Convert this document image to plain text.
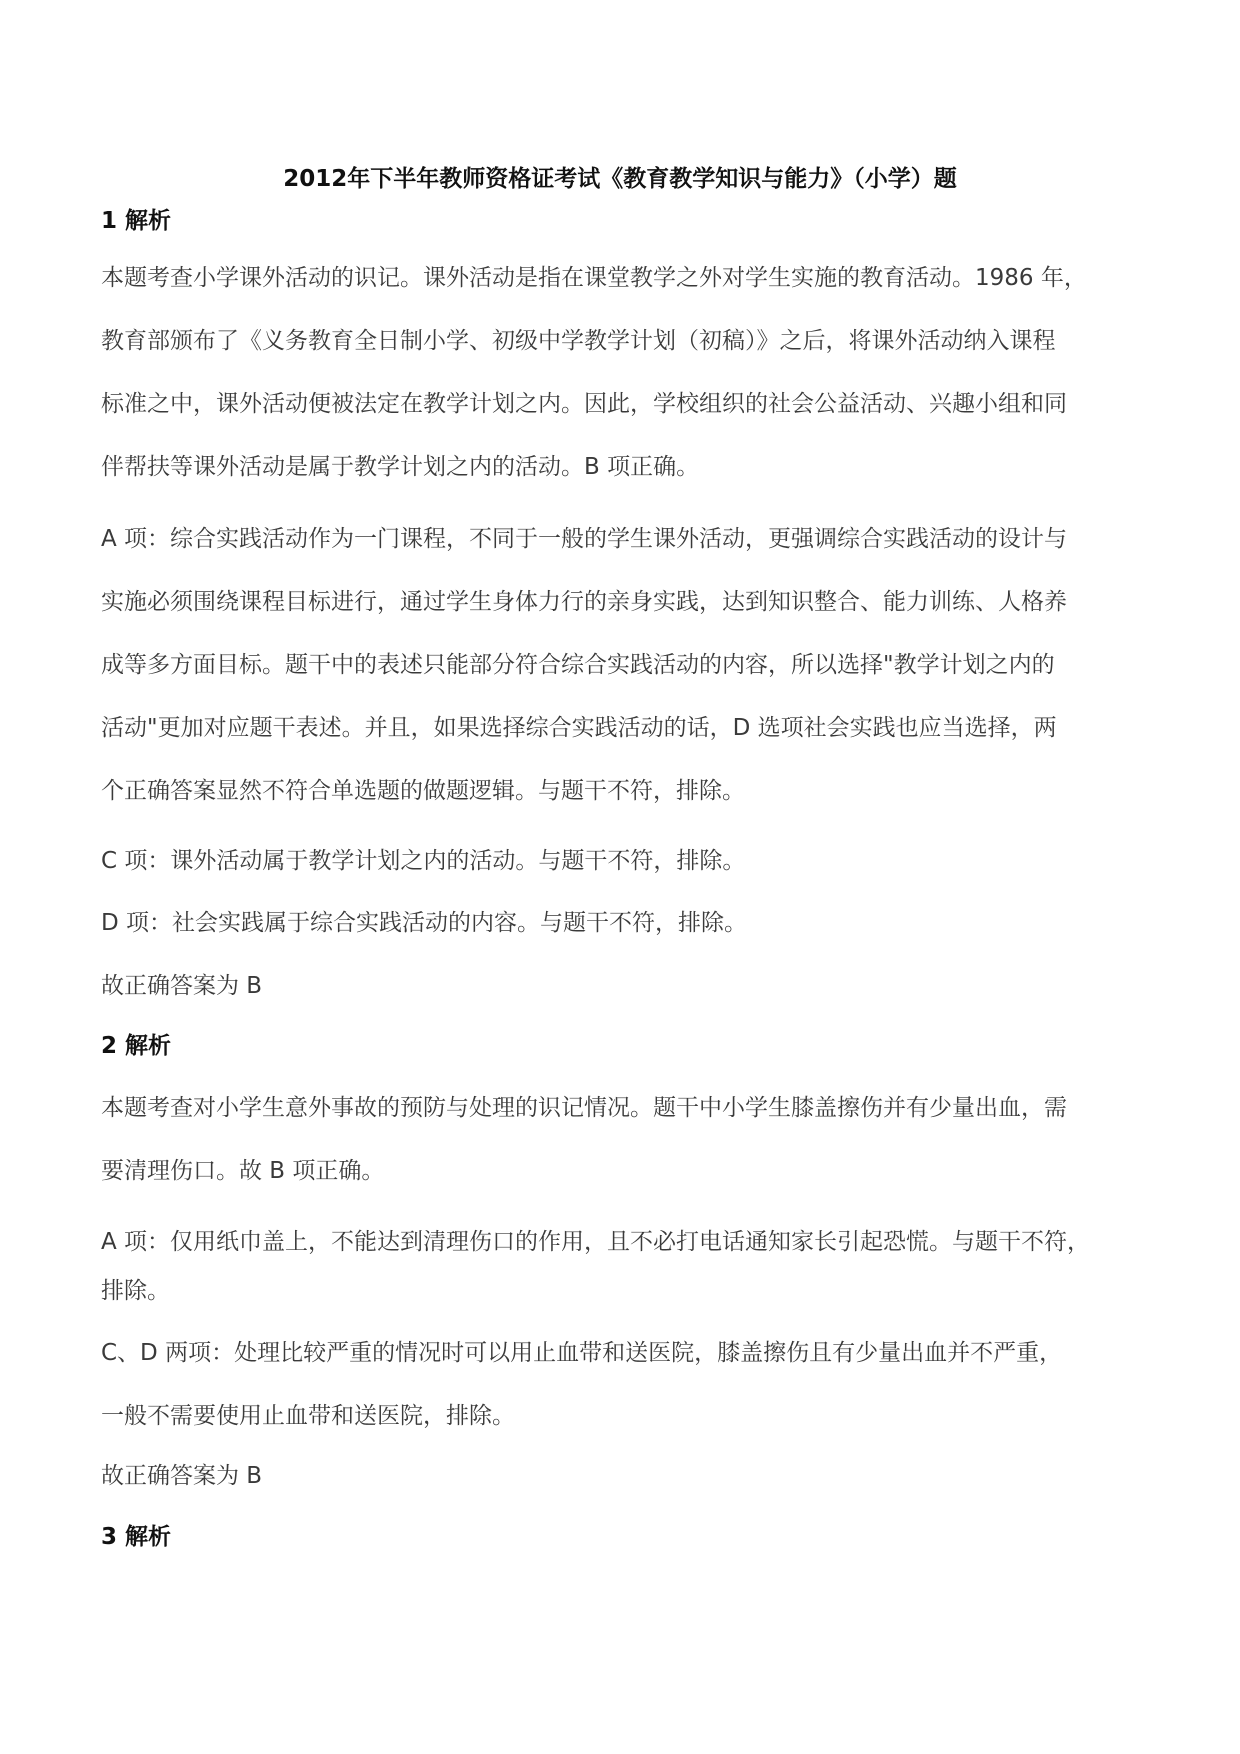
2012年下半年教师资格证考试《教育教学知识与能力》（小学）题
1 解析
本题考查小学课外活动的识记。课外活动是指在课堂教学之外对学生实施的教育活动。1986 年，
教育部颁布了《义务教育全日制小学、初级中学教学计划（初稿）》之后，将课外活动纳入课程
标准之中，课外活动便被法定在教学计划之内。因此，学校组织的社会公益活动、兴趣小组和同
伴帮扶等课外活动是属于教学计划之内的活动。B 项正确。
A 项：综合实践活动作为一门课程，不同于一般的学生课外活动，更强调综合实践活动的设计与
实施必须围绕课程目标进行，通过学生身体力行的亲身实践，达到知识整合、能力训练、人格养
成等多方面目标。题干中的表述只能部分符合综合实践活动的内容，所以选择"教学计划之内的
活动"更加对应题干表述。并且，如果选择综合实践活动的话，D 选项社会实践也应当选择，两
个正确答案显然不符合单选题的做题逻辑。与题干不符，排除。
C 项：课外活动属于教学计划之内的活动。与题干不符，排除。
D 项：社会实践属于综合实践活动的内容。与题干不符，排除。
故正确答案为 B
2 解析
本题考查对小学生意外事故的预防与处理的识记情况。题干中小学生膝盖擦伤并有少量出血，需
要清理伤口。故 B 项正确。
A 项：仅用纸巾盖上，不能达到清理伤口的作用，且不必打电话通知家长引起恐慌。与题干不符，
排除。
C、D 两项：处理比较严重的情况时可以用止血带和送医院，膝盖擦伤且有少量出血并不严重，
一般不需要使用止血带和送医院，排除。
故正确答案为 B
3 解析
